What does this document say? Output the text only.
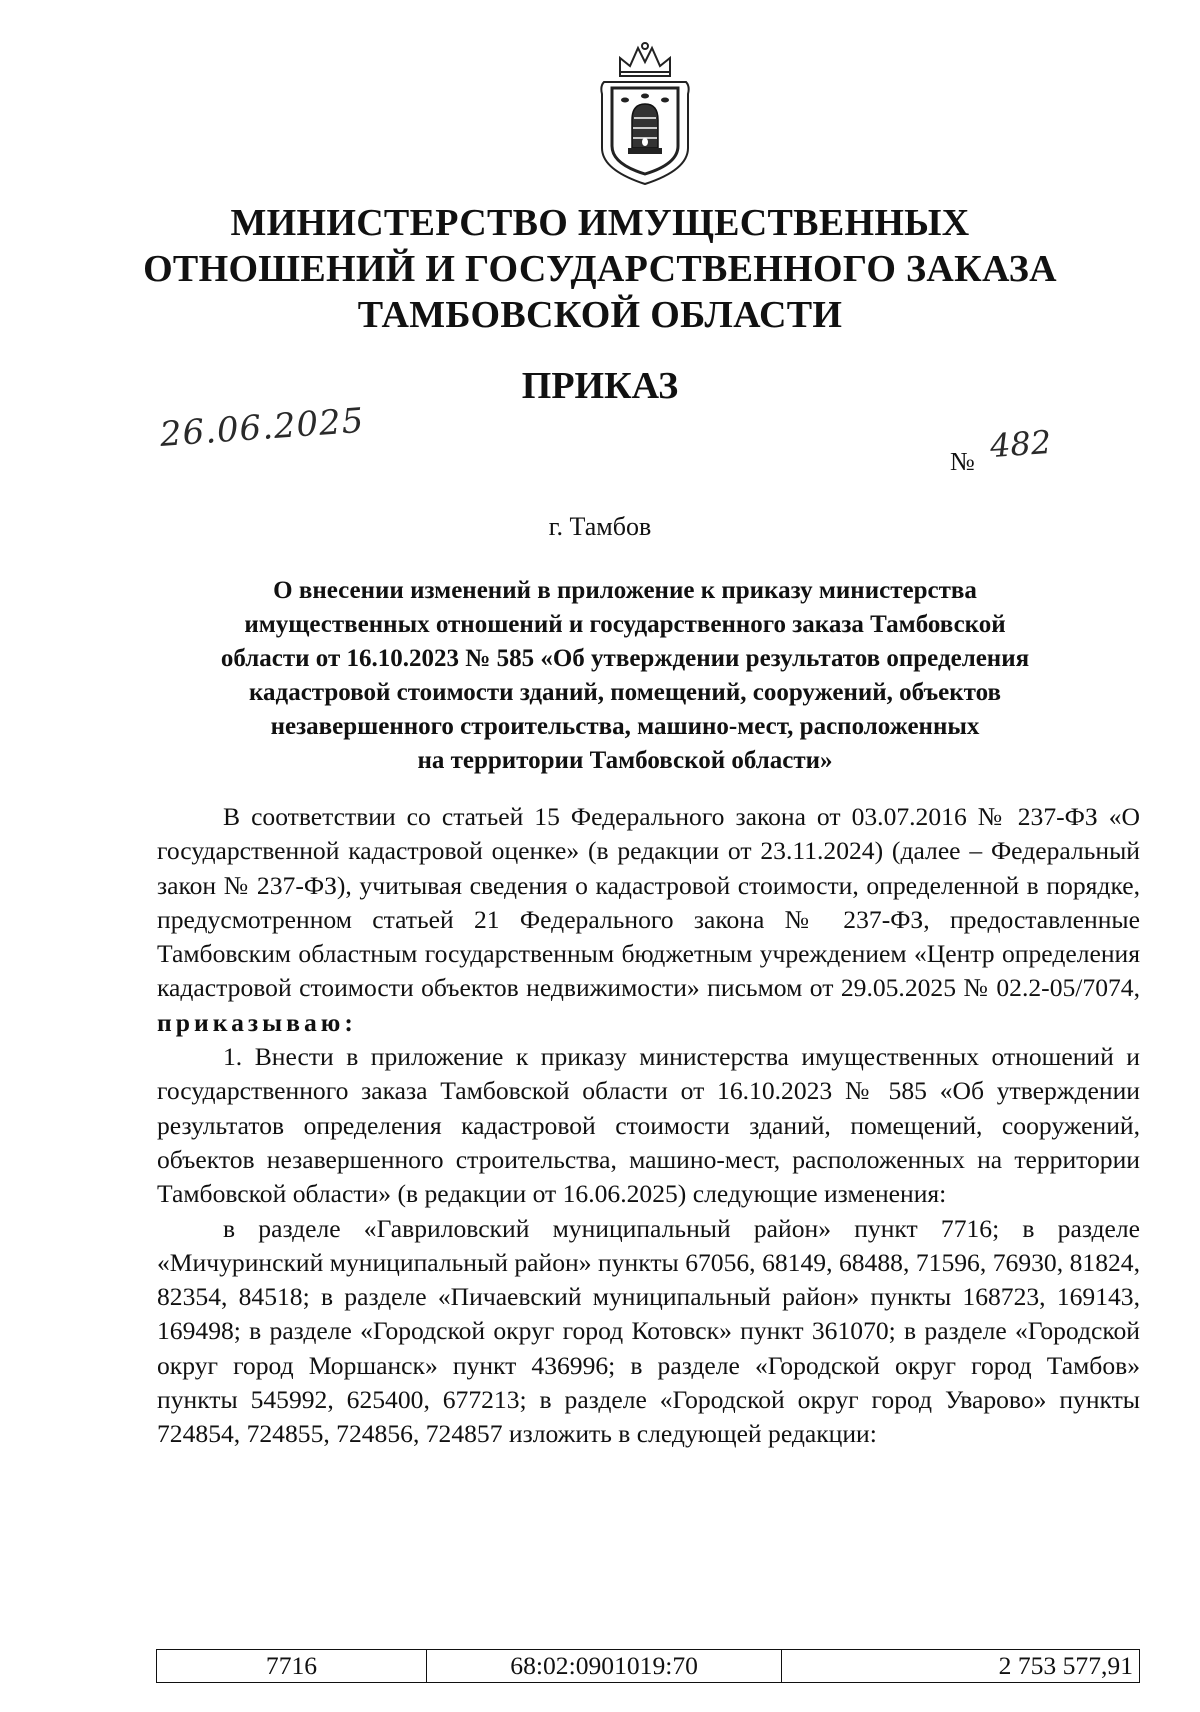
МИНИСТЕРСТВО ИМУЩЕСТВЕННЫХ
ОТНОШЕНИЙ И ГОСУДАРСТВЕННОГО ЗАКАЗА
ТАМБОВСКОЙ ОБЛАСТИ
ПРИКАЗ
26.06.2025
№ 482
г. Тамбов
О внесении изменений в приложение к приказу министерства
имущественных отношений и государственного заказа Тамбовской
области от 16.10.2023 № 585 «Об утверждении результатов определения
кадастровой стоимости зданий, помещений, сооружений, объектов
незавершенного строительства, машино-мест, расположенных
на территории Тамбовской области»

В соответствии со статьей 15 Федерального закона от 03.07.2016 № 237-ФЗ «О государственной кадастровой оценке» (в редакции от 23.11.2024) (далее – Федеральный закон № 237-ФЗ), учитывая сведения о кадастровой стоимости, определенной в порядке, предусмотренном статьей 21 Федерального закона № 237-ФЗ, предоставленные Тамбовским областным государственным бюджетным учреждением «Центр определения кадастровой стоимости объектов недвижимости» письмом от 29.05.2025 № 02.2-05/7074, приказываю:

1. Внести в приложение к приказу министерства имущественных отношений и государственного заказа Тамбовской области от 16.10.2023 № 585 «Об утверждении результатов определения кадастровой стоимости зданий, помещений, сооружений, объектов незавершенного строительства, машино-мест, расположенных на территории Тамбовской области» (в редакции от 16.06.2025) следующие изменения:

в разделе «Гавриловский муниципальный район» пункт 7716; в разделе «Мичуринский муниципальный район» пункты 67056, 68149, 68488, 71596, 76930, 81824, 82354, 84518; в разделе «Пичаевский муниципальный район» пункты 168723, 169143, 169498; в разделе «Городской округ город Котовск» пункт 361070; в разделе «Городской округ город Моршанск» пункт 436996; в разделе «Городской округ город Тамбов» пункты 545992, 625400, 677213; в разделе «Городской округ город Уварово» пункты 724854, 724855, 724856, 724857 изложить в следующей редакции:

7716	68:02:0901019:70	2 753 577,91
